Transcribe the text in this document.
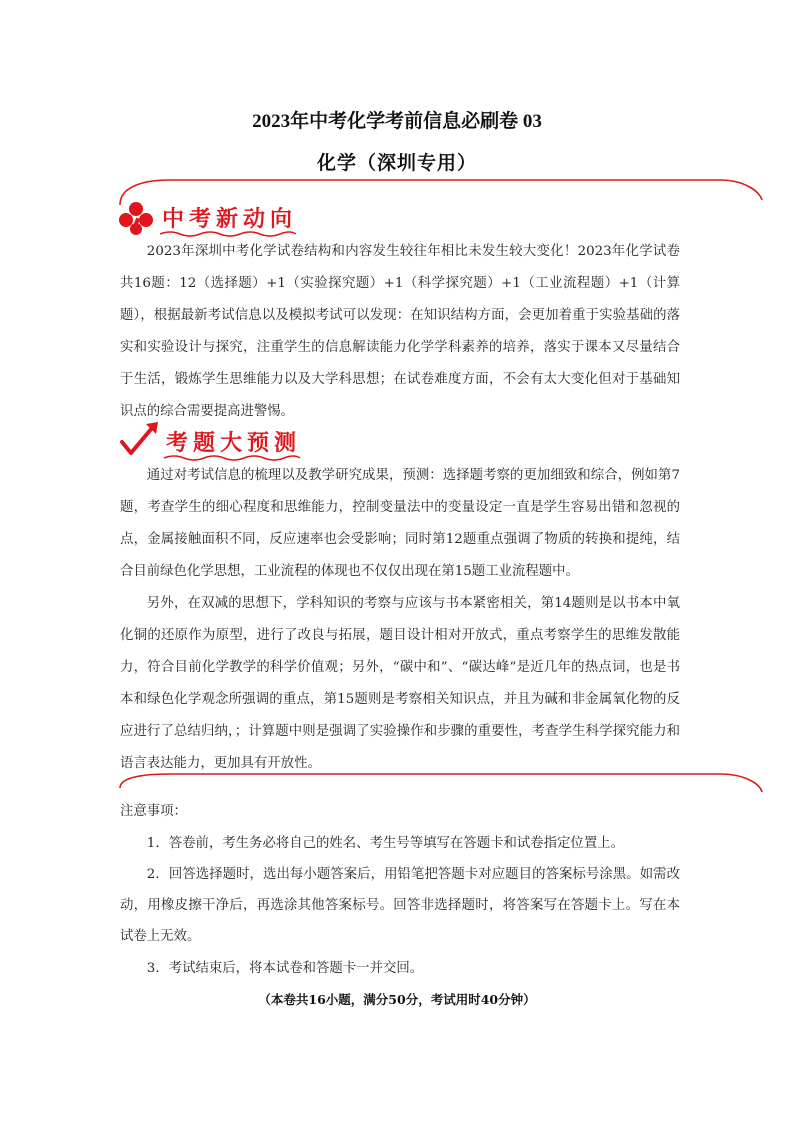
2023年中考化学考前信息必刷卷 03
化学（深圳专用）
中考新动向

2023年深圳中考化学试卷结构和内容发生较往年相比未发生较大变化！2023年化学试卷共16题：12（选择题）+1（实验探究题）+1（科学探究题）+1（工业流程题）+1（计算题），根据最新考试信息以及模拟考试可以发现：在知识结构方面，会更加着重于实验基础的落实和实验设计与探究，注重学生的信息解读能力化学学科素养的培养，落实于课本又尽量结合于生活，锻炼学生思维能力以及大学科思想；在试卷难度方面，不会有太大变化但对于基础知识点的综合需要提高进警惕。

考题大预测

通过对考试信息的梳理以及教学研究成果，预测：选择题考察的更加细致和综合，例如第7题，考查学生的细心程度和思维能力，控制变量法中的变量设定一直是学生容易出错和忽视的点，金属接触面积不同，反应速率也会受影响；同时第12题重点强调了物质的转换和提纯，结合目前绿色化学思想，工业流程的体现也不仅仅出现在第15题工业流程题中。

另外，在双减的思想下，学科知识的考察与应该与书本紧密相关，第14题则是以书本中氧化铜的还原作为原型，进行了改良与拓展，题目设计相对开放式，重点考察学生的思维发散能力，符合目前化学教学的科学价值观；另外，“碳中和”、“碳达峰”是近几年的热点词，也是书本和绿色化学观念所强调的重点，第15题则是考察相关知识点，并且为碱和非金属氧化物的反应进行了总结归纳，；计算题中则是强调了实验操作和步骤的重要性，考查学生科学探究能力和语言表达能力，更加具有开放性。

注意事项：

1．答卷前，考生务必将自己的姓名、考生号等填写在答题卡和试卷指定位置上。

2．回答选择题时，选出每小题答案后，用铅笔把答题卡对应题目的答案标号涂黑。如需改动，用橡皮擦干净后，再选涂其他答案标号。回答非选择题时，将答案写在答题卡上。写在本试卷上无效。

3．考试结束后，将本试卷和答题卡一并交回。

（本卷共16小题，满分50分，考试用时40分钟）
